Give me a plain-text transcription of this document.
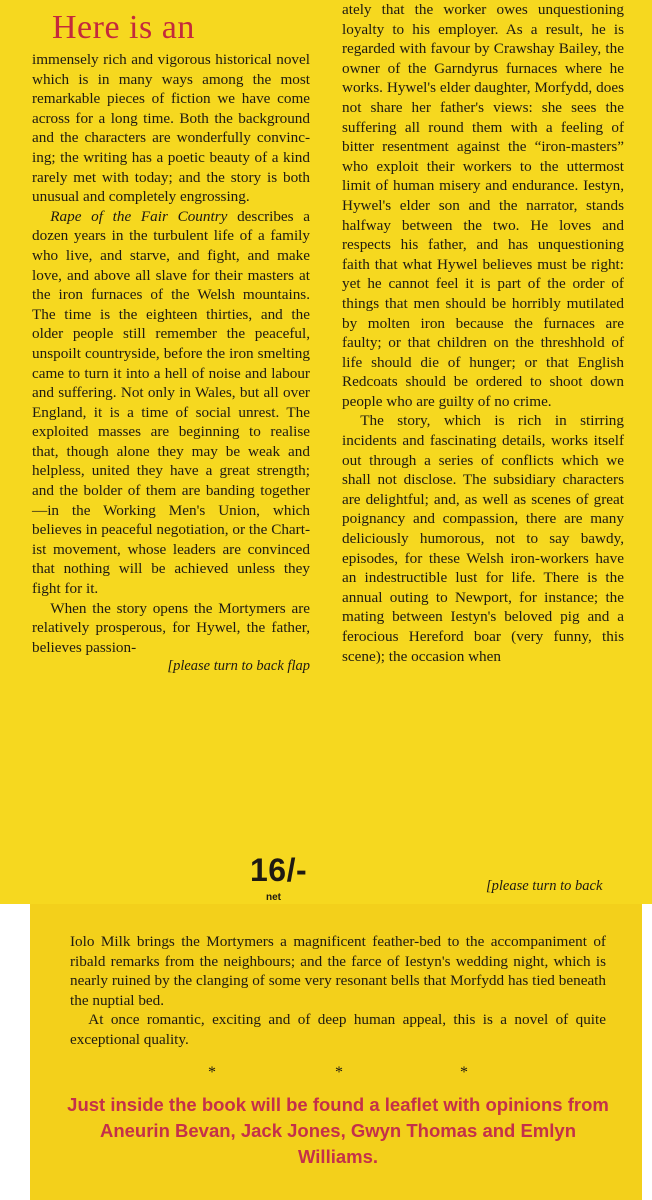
Here is an

immensely rich and vigorous historical novel which is in many ways among the most remarkable pieces of fiction we have come across for a long time. Both the background and the characters are wonderfully convincing; the writing has a poetic beauty of a kind rarely met with today; and the story is both unusual and completely engrossing.

Rape of the Fair Country describes a dozen years in the turbulent life of a family who live, and starve, and fight, and make love, and above all slave for their masters at the iron furnaces of the Welsh mountains. The time is the eighteen thirties, and the older people still remember the peaceful, unspoilt countryside, before the iron smelting came to turn it into a hell of noise and labour and suffering. Not only in Wales, but all over England, it is a time of social unrest. The exploited masses are beginning to realise that, though alone they may be weak and helpless, united they have a great strength; and the bolder of them are banding together—in the Working Men's Union, which believes in peaceful negotiation, or the Chartist movement, whose leaders are convinced that nothing will be achieved unless they fight for it.

When the story opens the Mortymers are relatively prosperous, for Hywel, the father, believes passion-

[please turn to back flap

ately that the worker owes unquestioning loyalty to his employer. As a result, he is regarded with favour by Crawshay Bailey, the owner of the Garndyrus furnaces where he works. Hywel's elder daughter, Morfydd, does not share her father's views: she sees the suffering all round them with a feeling of bitter resentment against the “iron-masters” who exploit their workers to the uttermost limit of human misery and endurance. Iestyn, Hywel's elder son and the narrator, stands halfway between the two. He loves and respects his father, and has unquestioning faith that what Hywel believes must be right: yet he cannot feel it is part of the order of things that men should be horribly mutilated by molten iron because the furnaces are faulty; or that children on the threshhold of life should die of hunger; or that English Redcoats should be ordered to shoot down people who are guilty of no crime.

The story, which is rich in stirring incidents and fascinating details, works itself out through a series of conflicts which we shall not disclose. The subsidiary characters are delightful; and, as well as scenes of great poignancy and compassion, there are many deliciously humorous, not to say bawdy, episodes, for these Welsh iron-workers have an indestructible lust for life. There is the annual outing to Newport, for instance; the mating between Iestyn's beloved pig and a ferocious Hereford boar (very funny, this scene); the occasion when

16/-
net
[please turn to back

Iolo Milk brings the Mortymers a magnificent feather-bed to the accompaniment of ribald remarks from the neighbours; and the farce of Iestyn's wedding night, which is nearly ruined by the clanging of some very resonant bells that Morfydd has tied beneath the nuptial bed.

At once romantic, exciting and of deep human appeal, this is a novel of quite exceptional quality.

*	*	*
Just inside the book will be found a leaflet with opinions from Aneurin Bevan, Jack Jones, Gwyn Thomas and Emlyn Williams.
